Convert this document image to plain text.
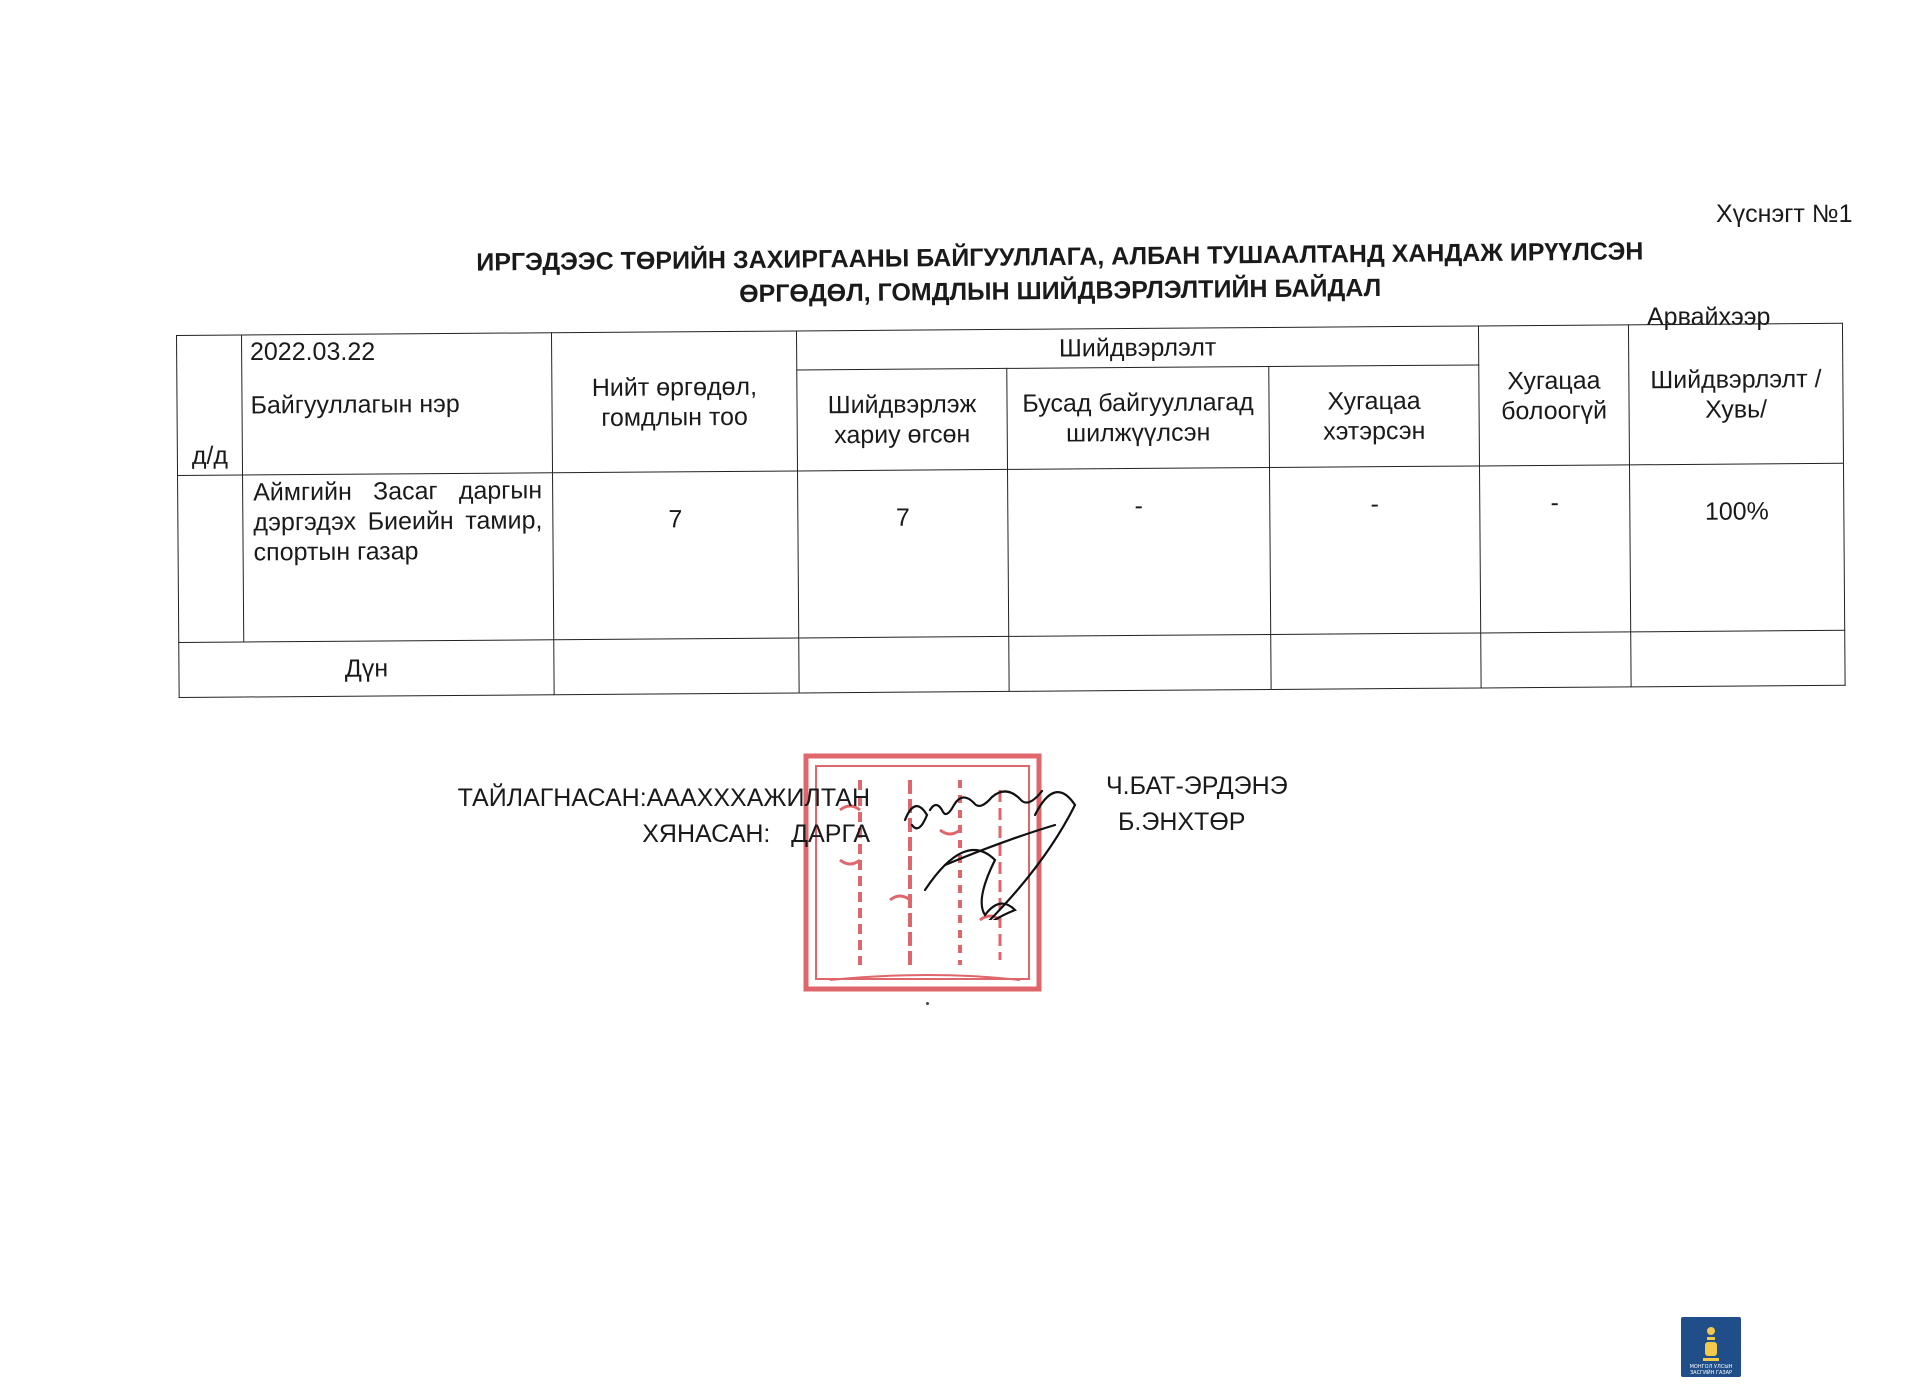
Хүснэгт №1
ИРГЭДЭЭС ТӨРИЙН ЗАХИРГААНЫ БАЙГУУЛЛАГА, АЛБАН ТУШААЛТАНД ХАНДАЖ ИРҮҮЛСЭН
ӨРГӨДӨЛ, ГОМДЛЫН ШИЙДВЭРЛЭЛТИЙН БАЙДАЛ
2022.03.22
Арвайхээр
д/д	Байгууллагын нэр	Нийт өргөдөл, гомдлын тоо	Шийдвэрлэлт			Хугацаа болоогүй	Шийдвэрлэлт /Хувь/
			Шийдвэрлэж хариу өгсөн	Бусад байгууллагад шилжүүлсэн	Хугацаа хэтэрсэн		
	Аймгийн Засаг даргын дэргэдэх Биеийн тамир, спортын газар	7	7	-	-	-	100%
Дүн							
ТАЙЛАГНАСАН:АААХХХАЖИЛТАН
ХЯНАСАН:   ДАРГА
Ч.БАТ-ЭРДЭНЭ
Б.ЭНХТӨР
МОНГОЛ УЛСЫН
ЗАСГИЙН ГАЗАР
